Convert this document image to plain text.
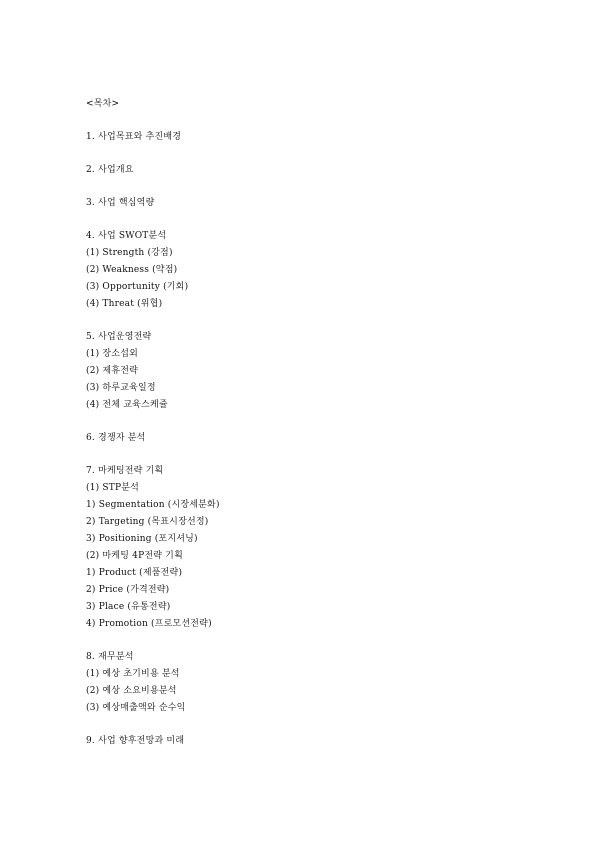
<목차>
1. 사업목표와 추진배경
2. 사업개요
3. 사업 핵심역량
4. 사업 SWOT분석
(1) Strength (강점)
(2) Weakness (약점)
(3) Opportunity (기회)
(4) Threat (위협)
5. 사업운영전략
(1) 장소섭외
(2) 제휴전략
(3) 하루교육일정
(4) 전체 교육스케쥴
6. 경쟁자 분석
7. 마케팅전략 기획
(1) STP분석
1) Segmentation (시장세분화)
2) Targeting (목표시장선정)
3) Positioning (포지셔닝)
(2) 마케팅 4P전략 기획
1) Product (제품전략)
2) Price (가격전략)
3) Place (유통전략)
4) Promotion (프로모션전략)
8. 재무분석
(1) 예상 초기비용 분석
(2) 예상 소요비용분석
(3) 예상매출액와 순수익
9. 사업 향후전망과 미래
